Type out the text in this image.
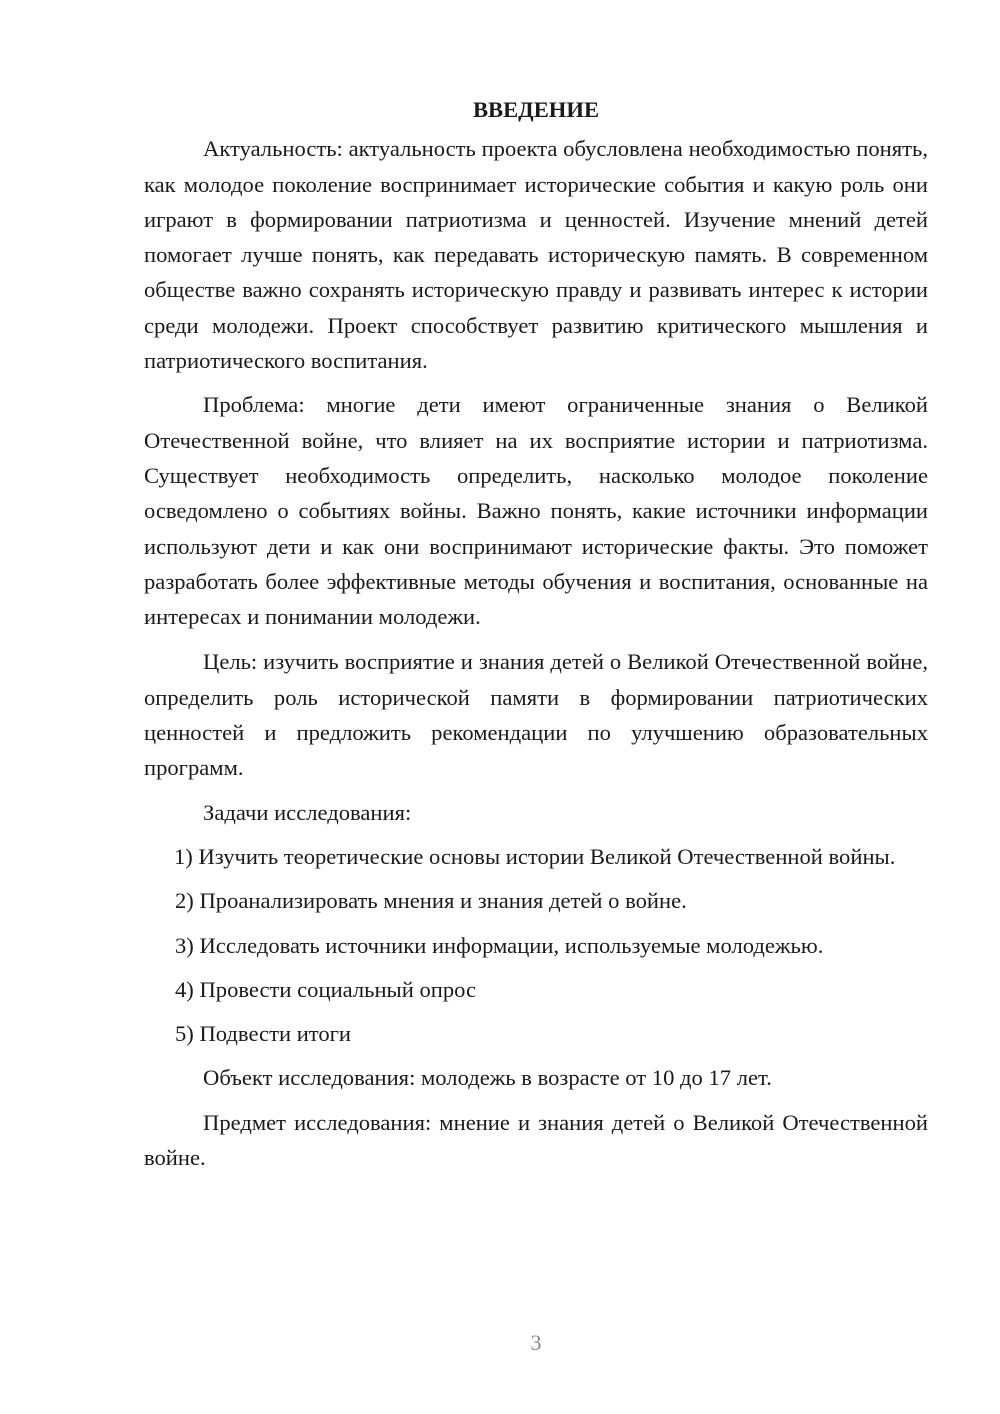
ВВЕДЕНИЕ

Актуальность: актуальность проекта обусловлена необходимостью понять, как молодое поколение воспринимает исторические события и какую роль они играют в формировании патриотизма и ценностей. Изучение мнений детей помогает лучше понять, как передавать историческую память. В современном обществе важно сохранять историческую правду и развивать интерес к истории среди молодежи. Проект способствует развитию критического мышления и патриотического воспитания.

Проблема: многие дети имеют ограниченные знания о Великой Отечественной войне, что влияет на их восприятие истории и патриотизма. Существует необходимость определить, насколько молодое поколение осведомлено о событиях войны. Важно понять, какие источники информации используют дети и как они воспринимают исторические факты. Это поможет разработать более эффективные методы обучения и воспитания, основанные на интересах и понимании молодежи.

Цель: изучить восприятие и знания детей о Великой Отечественной войне, определить роль исторической памяти в формировании патриотических ценностей и предложить рекомендации по улучшению образовательных программ.

Задачи исследования:

1) Изучить теоретические основы истории Великой Отечественной войны.

2) Проанализировать мнения и знания детей о войне.

3) Исследовать источники информации, используемые молодежью.

4) Провести социальный опрос

5) Подвести итоги

Объект исследования: молодежь в возрасте от 10 до 17 лет.

Предмет исследования: мнение и знания детей о Великой Отечественной войне.

3
